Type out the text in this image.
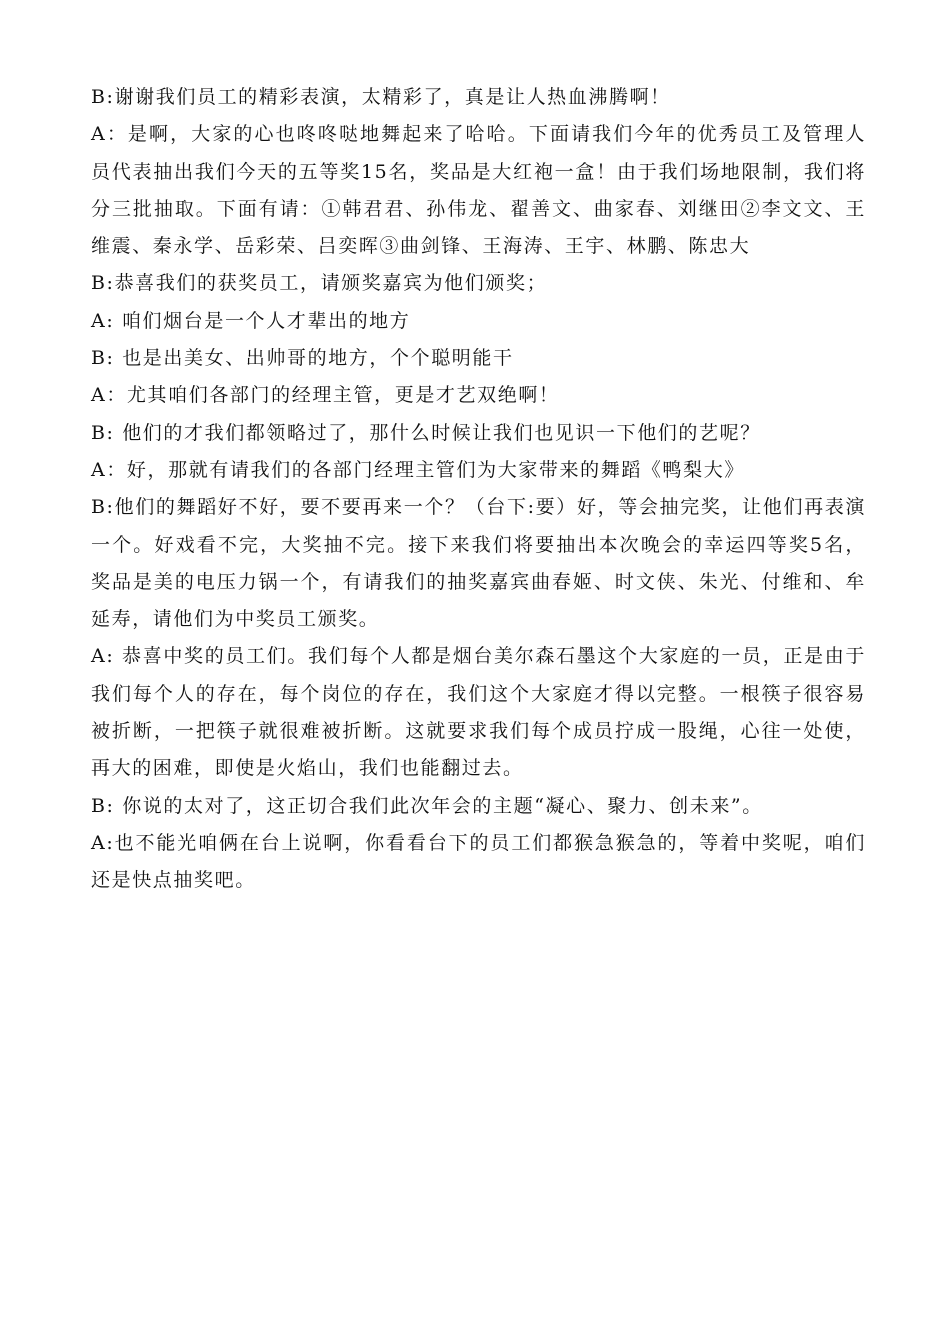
B:谢谢我们员工的精彩表演，太精彩了，真是让人热血沸腾啊！

A：是啊，大家的心也咚咚哒地舞起来了哈哈。下面请我们今年的优秀员工及管理人员代表抽出我们今天的五等奖15名，奖品是大红袍一盒！由于我们场地限制，我们将分三批抽取。下面有请：①韩君君、孙伟龙、翟善文、曲家春、刘继田②李文文、王维震、秦永学、岳彩荣、吕奕晖③曲剑锋、王海涛、王宇、林鹏、陈忠大

B:恭喜我们的获奖员工，请颁奖嘉宾为他们颁奖；

A: 咱们烟台是一个人才辈出的地方

B: 也是出美女、出帅哥的地方，个个聪明能干

A：尤其咱们各部门的经理主管，更是才艺双绝啊！

B: 他们的才我们都领略过了，那什么时候让我们也见识一下他们的艺呢？

A：好，那就有请我们的各部门经理主管们为大家带来的舞蹈《鸭梨大》

B:他们的舞蹈好不好，要不要再来一个？（台下:要）好，等会抽完奖，让他们再表演一个。好戏看不完，大奖抽不完。接下来我们将要抽出本次晚会的幸运四等奖5名，奖品是美的电压力锅一个，有请我们的抽奖嘉宾曲春姬、时文侠、朱光、付维和、牟延寿，请他们为中奖员工颁奖。

A: 恭喜中奖的员工们。我们每个人都是烟台美尔森石墨这个大家庭的一员，正是由于我们每个人的存在，每个岗位的存在，我们这个大家庭才得以完整。一根筷子很容易被折断，一把筷子就很难被折断。这就要求我们每个成员拧成一股绳，心往一处使，再大的困难，即使是火焰山，我们也能翻过去。

B: 你说的太对了，这正切合我们此次年会的主题“凝心、聚力、创未来”。

A:也不能光咱俩在台上说啊，你看看台下的员工们都猴急猴急的，等着中奖呢，咱们还是快点抽奖吧。
